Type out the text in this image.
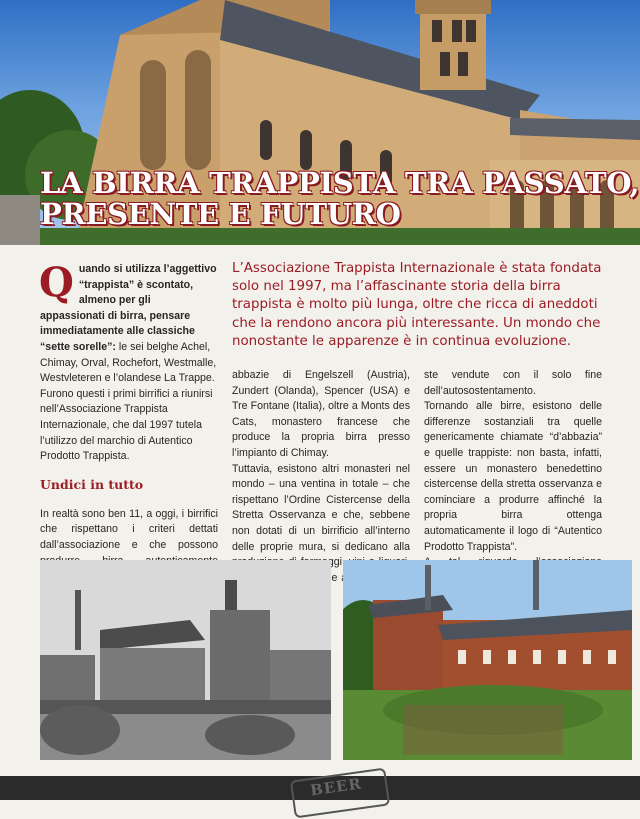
LA BIRRA TRAPPISTA TRA PASSATO,
PRESENTE E FUTURO

Quando si utilizza l’aggettivo “trappista” è scontato, almeno per gli appassionati di birra, pensare immediatamente alle classiche “sette sorelle”: le sei belghe Achel, Chimay, Orval, Rochefort, Westmalle, Westvleteren e l’olandese La Trappe. Furono questi i primi birrifici a riunirsi nell’Associazione Trappista Internazionale, che dal 1997 tutela l’utilizzo del marchio di Autentico Prodotto Trappista.

Undici in tutto

In realtà sono ben 11, a oggi, i birrifici che rispettano i criteri dettati dall’associazione e che possono

L’Associazione Trappista Internazionale è stata fondata solo nel 1997, ma l’affascinante storia della birra trappista è molto più lunga, oltre che ricca di aneddoti che la rendono ancora più interessante. Un mondo che nonostante le apparenze è in continua evoluzione.

abbazie di Engelszell (Austria), Zundert (Olanda), Spencer (USA) e Tre Fontane (Italia), oltre a Monts des Cats, monastero francese che produce la propria birra presso l’impianto di Chimay.

Tuttavia, esistono altri monasteri nel mondo – una ventina in totale – che rispettano l’Ordine Cistercense della Stretta Osservanza e che, sebbene non dotati di un birrificio all’interno delle proprie mura, si dedicano alla e

ste vendute con il solo fine dell’autosostentamento.

Tornando alle birre, esistono delle differenze sostanziali tra quelle genericamente chiamate “d’abbazia” e quelle trappiste: non basta, infatti, essere un monastero benedettino cistercense della stretta osservanza e cominciare a produrre affinché la propria birra ottenga automaticamente il logo di “Autentico Prodotto Trappista”.

BEER
